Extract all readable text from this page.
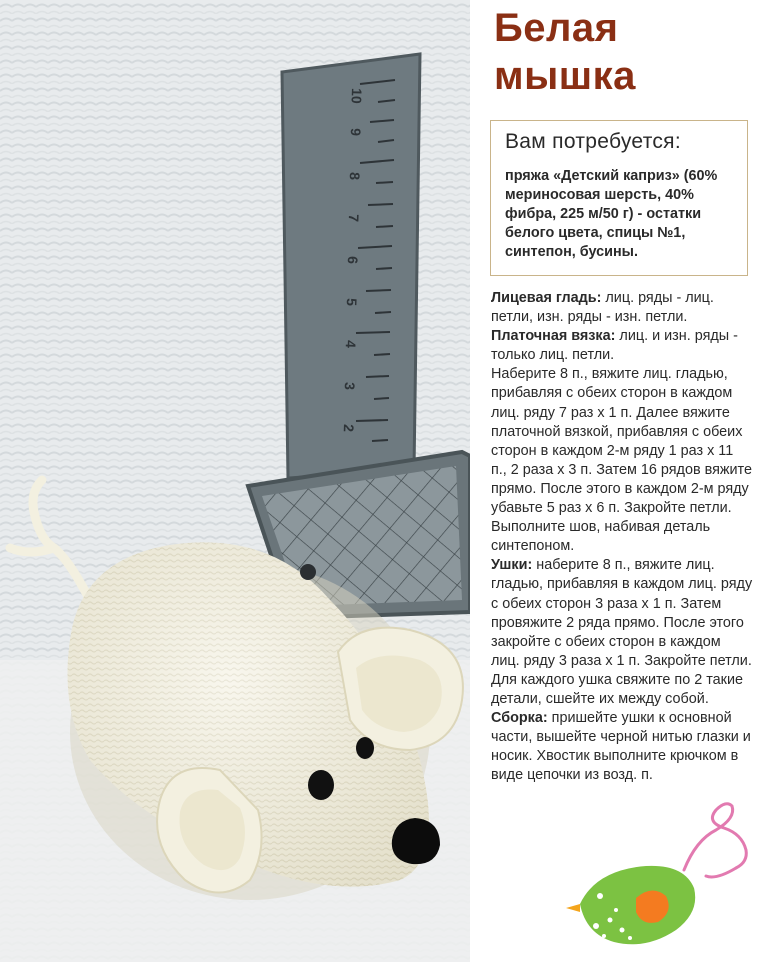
10
9
8
7
6
5
4
3
2
Белая
мышка
Вам потребуется:
пряжа «Детский каприз» (60% мериносовая шерсть, 40% фибра, 225 м/50 г) - остатки белого цвета, спицы №1, синтепон, бусины.

Лицевая гладь: лиц. ряды - лиц. петли, изн. ряды - изн. петли.

Платочная вязка: лиц. и изн. ряды - только лиц. петли.

Наберите 8 п., вяжите лиц. гладью, прибавляя с обеих сторон в каждом лиц. ряду 7 раз х 1 п. Далее вяжите платочной вязкой, прибавляя с обеих сторон в каждом 2-м ряду 1 раз х 11 п., 2 раза х 3 п. Затем 16 рядов вяжите прямо. После этого в каждом 2-м ряду убавьте 5 раз х 6 п. Закройте петли. Выполните шов, набивая деталь синтепоном.

Ушки: наберите 8 п., вяжите лиц. гладью, прибавляя в каждом лиц. ряду с обеих сторон 3 раза х 1 п. Затем провяжите 2 ряда прямо. После этого закройте с обеих сторон в каждом лиц. ряду 3 раза х 1 п. Закройте петли. Для каждого ушка свяжите по 2 такие детали, сшейте их между собой.

Сборка: пришейте ушки к основной части, вышейте черной нитью глазки и носик. Хвостик выполните крючком в виде цепочки из возд. п.
